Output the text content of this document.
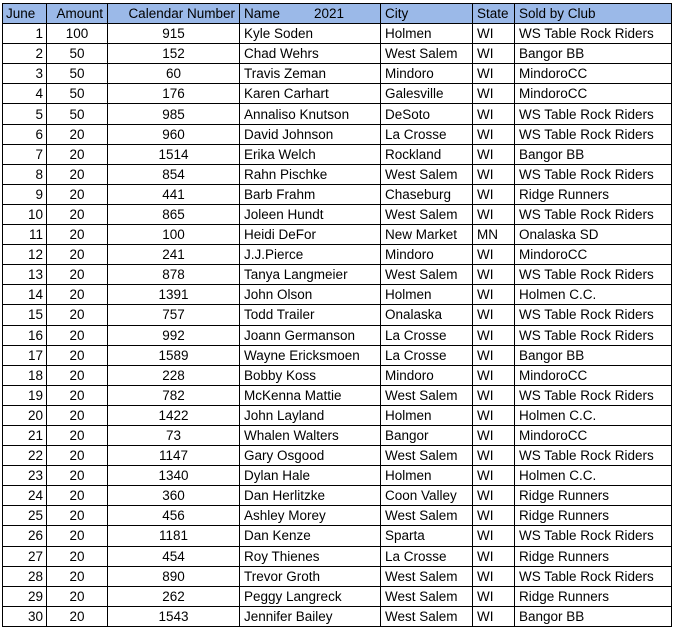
June	Amount	Calendar Number	Name 2021	City	State	Sold by Club
1	100	915	Kyle Soden	Holmen	WI	WS Table Rock Riders
2	50	152	Chad Wehrs	West Salem	WI	Bangor BB
3	50	60	Travis Zeman	Mindoro	WI	MindoroCC
4	50	176	Karen Carhart	Galesville	WI	MindoroCC
5	50	985	Annaliso Knutson	DeSoto	WI	WS Table Rock Riders
6	20	960	David Johnson	La Crosse	WI	WS Table Rock Riders
7	20	1514	Erika Welch	Rockland	WI	Bangor BB
8	20	854	Rahn Pischke	West Salem	WI	WS Table Rock Riders
9	20	441	Barb Frahm	Chaseburg	WI	Ridge Runners
10	20	865	Joleen Hundt	West Salem	WI	WS Table Rock Riders
11	20	100	Heidi DeFor	New Market	MN	Onalaska SD
12	20	241	J.J.Pierce	Mindoro	WI	MindoroCC
13	20	878	Tanya Langmeier	West Salem	WI	WS Table Rock Riders
14	20	1391	John Olson	Holmen	WI	Holmen C.C.
15	20	757	Todd Trailer	Onalaska	WI	WS Table Rock Riders
16	20	992	Joann Germanson	La Crosse	WI	WS Table Rock Riders
17	20	1589	Wayne Ericksmoen	La Crosse	WI	Bangor BB
18	20	228	Bobby Koss	Mindoro	WI	MindoroCC
19	20	782	McKenna Mattie	West Salem	WI	WS Table Rock Riders
20	20	1422	John Layland	Holmen	WI	Holmen C.C.
21	20	73	Whalen Walters	Bangor	WI	MindoroCC
22	20	1147	Gary Osgood	West Salem	WI	WS Table Rock Riders
23	20	1340	Dylan Hale	Holmen	WI	Holmen C.C.
24	20	360	Dan Herlitzke	Coon Valley	WI	Ridge Runners
25	20	456	Ashley Morey	West Salem	WI	Ridge Runners
26	20	1181	Dan Kenze	Sparta	WI	WS Table Rock Riders
27	20	454	Roy Thienes	La Crosse	WI	Ridge Runners
28	20	890	Trevor Groth	West Salem	WI	WS Table Rock Riders
29	20	262	Peggy Langreck	West Salem	WI	Ridge Runners
30	20	1543	Jennifer Bailey	West Salem	WI	Bangor BB
